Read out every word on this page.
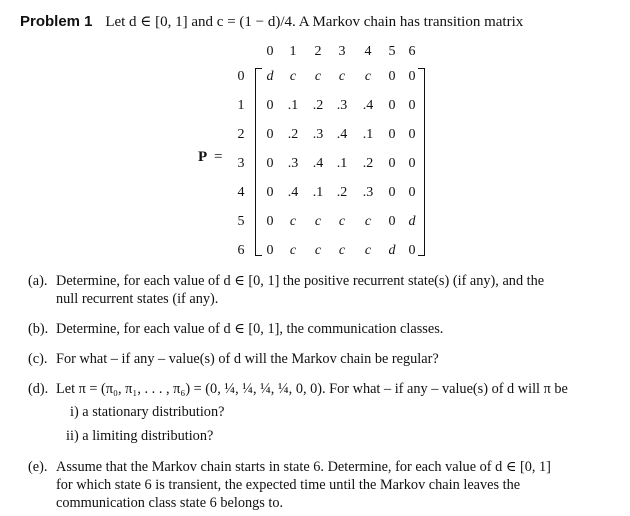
Problem 1 Let d ∈ [0, 1] and c = (1 − d)/4. A Markov chain has transition matrix
P =
0	1	2	3	4	5 6
0
1
2
3
4
5
6
d	c	c	c	c	0 0
0	.1	.2 .3	.4	0 0
0	.2	.3 .4	.1	0 0
0	.3	.4 .1	.2	0 0
0	.4	.1 .2	.3	0 0
0	c	c	c	c	0 d
0	c	c	c	c	d 0
(a). Determine, for each value of d ∈ [0, 1] the positive recurrent state(s) (if any), and the
null recurrent states (if any).
(b). Determine, for each value of d ∈ [0, 1], the communication classes.
(c). For what – if any – value(s) of d will the Markov chain be regular?
(d). Let π = (π₀, π₁, . . . , π₆) = (0, ¼, ¼, ¼, ¼, 0, 0). For what – if any – value(s) of d will π be
i) a stationary distribution?
ii) a limiting distribution?
(e). Assume that the Markov chain starts in state 6. Determine, for each value of d ∈ [0, 1]
for which state 6 is transient, the expected time until the Markov chain leaves the
communication class state 6 belongs to.
